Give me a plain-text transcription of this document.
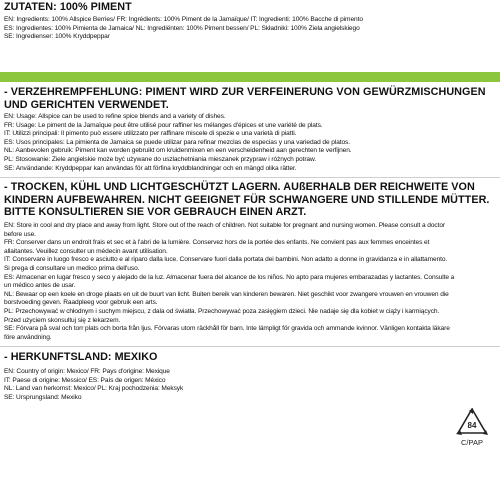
ZUTATEN: 100% PIMENT
EN: Ingredients: 100% Allspice Berries/ FR: Ingrédients: 100% Piment de la Jamaïque/ IT: Ingredienti: 100% Bacche di pimento
ES: Ingredientes: 100% Pimienta de Jamaica/ NL: Ingrediënten: 100% Piment bessen/ PL: Składniki: 100% Ziela angielskiego
SE: Ingredienser: 100% Kryddpeppar
- VERZEHREMPFEHLUNG: PIMENT WIRD ZUR VERFEINERUNG VON GEWÜRZMISCHUNGEN UND GERICHTEN VERWENDET.
EN: Usage: Allspice can be used to refine spice blends and a variety of dishes.
FR: Usage: Le piment de la Jamaïque peut être utilisé pour raffiner les mélanges d'épices et une variété de plats.
IT: Utilizzi principali: Il pimento può essere utilizzato per raffinare miscele di spezie e una varietà di piatti.
ES: Usos principales: La pimienta de Jamaica se puede utilizar para refinar mezclas de especias y una variedad de platos.
NL: Aanbevolen gebruik: Piment kan worden gebruikt om kruidenmixen en een verscheidenheid aan gerechten te verfijnen.
PL: Stosowanie: Ziele angielskie może być używane do uszlachetniania mieszanek przypraw i różnych potraw.
SE: Användande: Kryddpeppar kan användas för att förfina kryddblandningar och en mängd olika rätter.
- TROCKEN, KÜHL UND LICHTGESCHÜTZT LAGERN. AUßERHALB DER REICHWEITE VON KINDERN AUFBEWAHREN. NICHT GEEIGNET FÜR SCHWANGERE UND STILLENDE MÜTTER. BITTE KONSULTIEREN SIE VOR GEBRAUCH EINEN ARZT.
EN: Store in cool and dry place and away from light. Store out of the reach of children. Not suitable for pregnant and nursing women. Please consult a doctor
before use.
FR: Conserver dans un endroit frais et sec et à l'abri de la lumière. Conservez hors de la portée des enfants. Ne convient pas aux femmes enceintes et
allaitantes. Veuillez consulter un médecin avant utilisation.
IT: Conservare in luogo fresco e asciutto e al riparo dalla luce. Conservare fuori dalla portata dei bambini. Non adatto a donne in gravidanza e in allattamento.
Si prega di consultare un medico prima dell'uso.
ES: Almacenar en lugar fresco y seco y alejado de la luz. Almacenar fuera del alcance de los niños. No apto para mujeres embarazadas y lactantes. Consulte a
un médico antes de usar.
NL: Bewaar op een koele en droge plaats en uit de buurt van licht. Buiten bereik van kinderen bewaren. Niet geschikt voor zwangere vrouwen en vrouwen die
borstvoeding geven. Raadpleeg voor gebruik een arts.
PL: Przechowywać w chłodnym i suchym miejscu, z dala od światła. Przechowywać poza zasięgiem dzieci. Nie nadaje się dla kobiet w ciąży i karmiących.
Przed użyciem skonsultuj się z lekarzem.
SE: Förvara på sval och torr plats och borta från ljus. Förvaras utom räckhåll för barn. Inte lämpligt för gravida och ammande kvinnor. Vänligen kontakta läkare
före användning.
- HERKUNFTSLAND: MEXIKO
EN: Country of origin: Mexico/ FR: Pays d'origine: Mexique
IT: Paese di origine: Messico/ ES: País de origen: México
NL: Land van herkomst: Mexico/ PL: Kraj pochodzenia: Meksyk
SE: Ursprungsland: Mexiko
84
C/PAP
